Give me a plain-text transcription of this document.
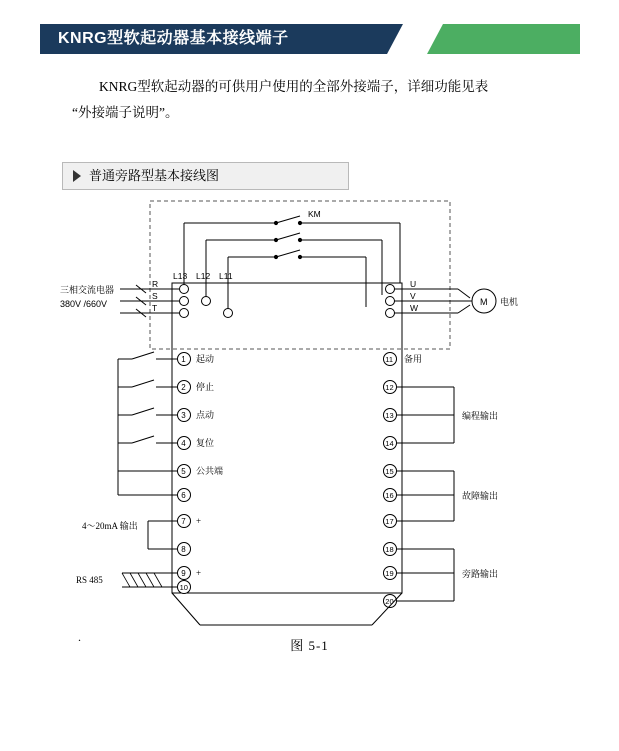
KNRG型软起动器基本接线端子
KNRG型软起动器的可供用户使用的全部外接端子，详细功能见表
“外接端子说明”。
普通旁路型基本接线图
KM
L13 L12 L11
R
S
T
三相交流电器
380V /660V
U
V
W
M 电机
1
2
3
4
5
6
7
8
9
10
起动
停止
点动
复位
公共端
+
+
4～20mA 输出
RS 485
11
12
13
14
15
16
17
18
19
20
备用
编程输出
故障输出
旁路输出
.
图 5-1
